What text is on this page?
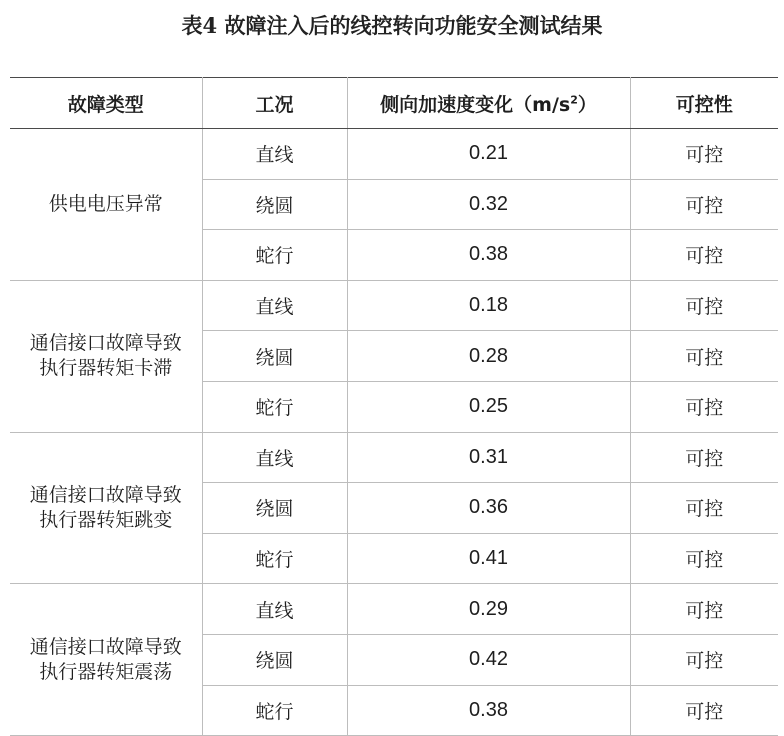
表4 故障注入后的线控转向功能安全测试结果
故障类型	工况	侧向加速度变化$(m/s^2)$	可控性
供电电压异常	直线	0.21	可控
	绕圆	0.32	可控
	蛇行	0.38	可控
通信接口故障导致
执行器转矩卡滞	直线	0.18	可控
	绕圆	0.28	可控
	蛇行	0.25	可控
通信接口故障导致
执行器转矩跳变	直线	0.31	可控
	绕圆	0.36	可控
	蛇行	0.41	可控
通信接口故障导致
执行器转矩震荡	直线	0.29	可控
	绕圆	0.42	可控
	蛇行	0.38	可控
